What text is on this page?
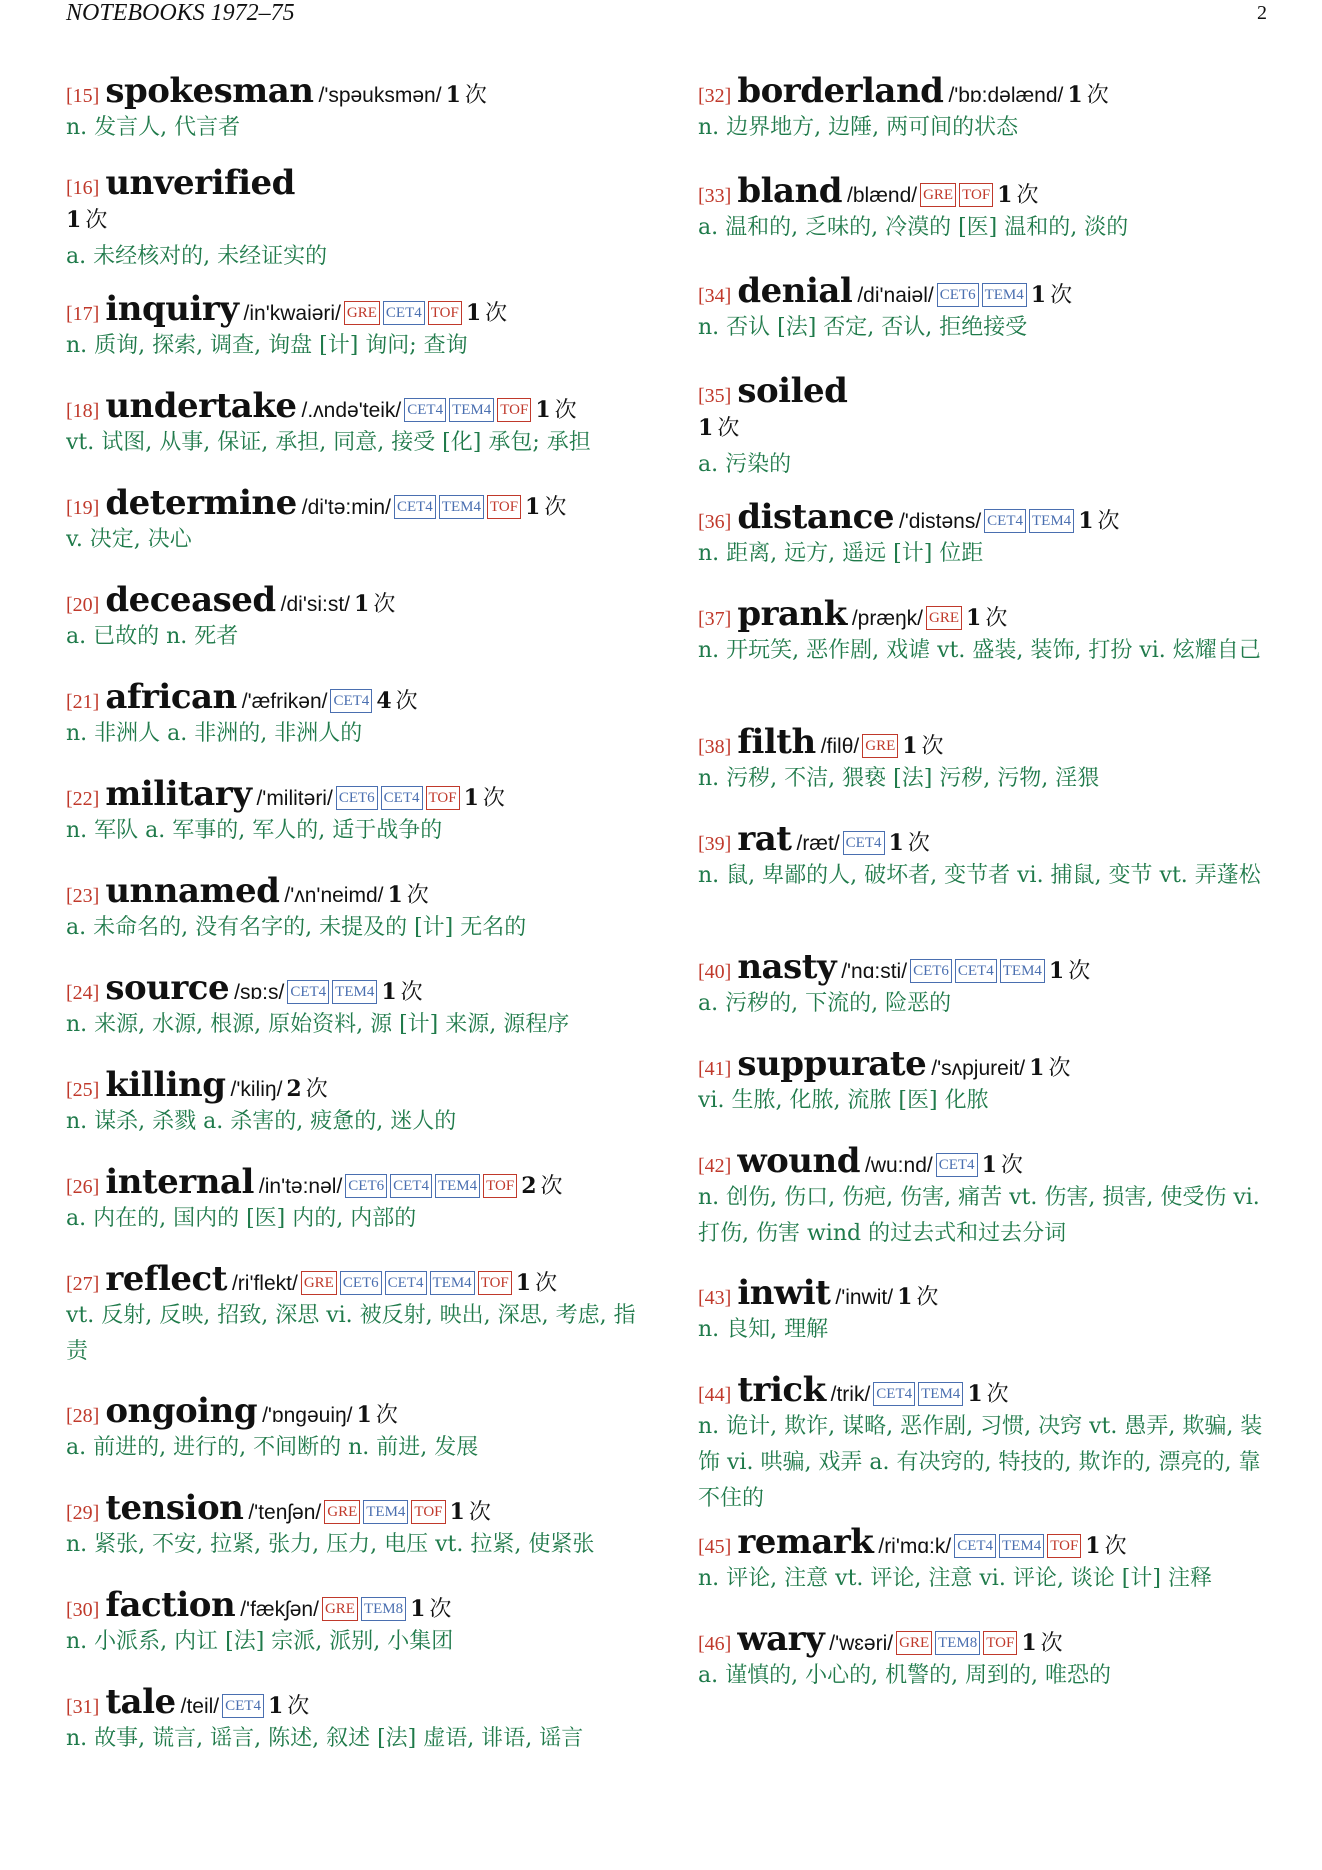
NOTEBOOKS 1972–75	2
[15] spokesman /'spəuksmən/ 1 次
n. 发言人, 代言者
[16] unverified
1 次
a. 未经核对的, 未经证实的
[17] inquiry /in'kwaiəri/ GRE CET4 TOF 1 次
n. 质询, 探索, 调查, 询盘 [计] 询问; 查询
[18] undertake /.ʌndə'teik/ CET4 TEM4 TOF 1 次
vt. 试图, 从事, 保证, 承担, 同意, 接受 [化] 承包; 承担
[19] determine /di'tə:min/ CET4 TEM4 TOF 1 次
v. 决定, 决心
[20] deceased /di'si:st/ 1 次
a. 已故的 n. 死者
[21] african /'æfrikən/ CET4 4 次
n. 非洲人 a. 非洲的, 非洲人的
[22] military /'militəri/ CET6 CET4 TOF 1 次
n. 军队 a. 军事的, 军人的, 适于战争的
[23] unnamed /'ʌn'neimd/ 1 次
a. 未命名的, 没有名字的, 未提及的 [计] 无名的
[24] source /sɒ:s/ CET4 TEM4 1 次
n. 来源, 水源, 根源, 原始资料, 源 [计] 来源, 源程序
[25] killing /'kiliŋ/ 2 次
n. 谋杀, 杀戮 a. 杀害的, 疲惫的, 迷人的
[26] internal /in'tə:nəl/ CET6 CET4 TEM4 TOF 2 次
a. 内在的, 国内的 [医] 内的, 内部的
[27] reflect /ri'flekt/ GRE CET6 CET4 TEM4 TOF 1 次
vt. 反射, 反映, 招致, 深思 vi. 被反射, 映出, 深思, 考虑, 指责
[28] ongoing /'ɒngəuiŋ/ 1 次
a. 前进的, 进行的, 不间断的 n. 前进, 发展
[29] tension /'tenʃən/ GRE TEM4 TOF 1 次
n. 紧张, 不安, 拉紧, 张力, 压力, 电压 vt. 拉紧, 使紧张
[30] faction /'fækʃən/ GRE TEM8 1 次
n. 小派系, 内讧 [法] 宗派, 派别, 小集团
[31] tale /teil/ CET4 1 次
n. 故事, 谎言, 谣言, 陈述, 叙述 [法] 虚语, 诽语, 谣言
[32] borderland /'bɒ:dəlænd/ 1 次
n. 边界地方, 边陲, 两可间的状态
[33] bland /blænd/ GRE TOF 1 次
a. 温和的, 乏味的, 冷漠的 [医] 温和的, 淡的
[34] denial /di'naiəl/ CET6 TEM4 1 次
n. 否认 [法] 否定, 否认, 拒绝接受
[35] soiled
1 次
a. 污染的
[36] distance /'distəns/ CET4 TEM4 1 次
n. 距离, 远方, 遥远 [计] 位距
[37] prank /præŋk/ GRE 1 次
n. 开玩笑, 恶作剧, 戏谑 vt. 盛装, 装饰, 打扮 vi. 炫耀自己
[38] filth /filθ/ GRE 1 次
n. 污秽, 不洁, 猥亵 [法] 污秽, 污物, 淫猥
[39] rat /ræt/ CET4 1 次
n. 鼠, 卑鄙的人, 破坏者, 变节者 vi. 捕鼠, 变节 vt. 弄蓬松
[40] nasty /'nɑ:sti/ CET6 CET4 TEM4 1 次
a. 污秽的, 下流的, 险恶的
[41] suppurate /'sʌpjureit/ 1 次
vi. 生脓, 化脓, 流脓 [医] 化脓
[42] wound /wu:nd/ CET4 1 次
n. 创伤, 伤口, 伤疤, 伤害, 痛苦 vt. 伤害, 损害, 使受伤 vi. 打伤, 伤害 wind 的过去式和过去分词
[43] inwit /'inwit/ 1 次
n. 良知, 理解
[44] trick /trik/ CET4 TEM4 1 次
n. 诡计, 欺诈, 谋略, 恶作剧, 习惯, 决窍 vt. 愚弄, 欺骗, 装饰 vi. 哄骗, 戏弄 a. 有决窍的, 特技的, 欺诈的, 漂亮的, 靠不住的
[45] remark /ri'mɑ:k/ CET4 TEM4 TOF 1 次
n. 评论, 注意 vt. 评论, 注意 vi. 评论, 谈论 [计] 注释
[46] wary /'wɛəri/ GRE TEM8 TOF 1 次
a. 谨慎的, 小心的, 机警的, 周到的, 唯恐的
